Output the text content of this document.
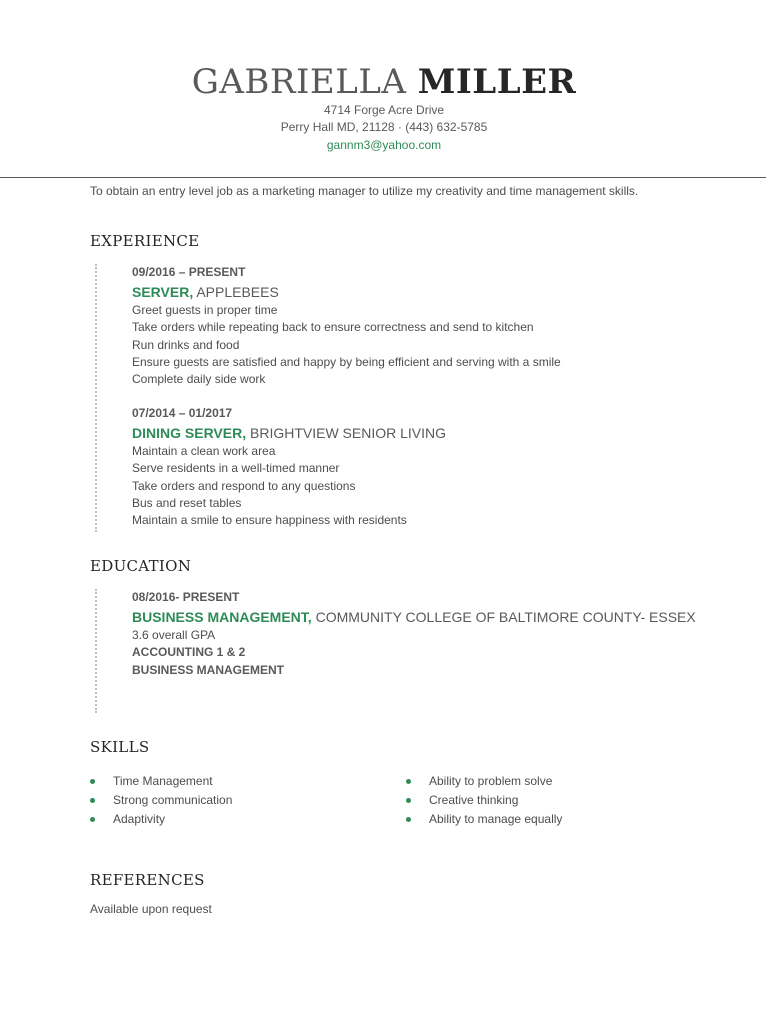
GABRIELLA MILLER
4714 Forge Acre Drive
Perry Hall MD, 21128 · (443) 632-5785
gannm3@yahoo.com
To obtain an entry level job as a marketing manager to utilize my creativity and time management skills.
EXPERIENCE
09/2016 – PRESENT
SERVER, APPLEBEES
Greet guests in proper time
Take orders while repeating back to ensure correctness and send to kitchen
Run drinks and food
Ensure guests are satisfied and happy by being efficient and serving with a smile
Complete daily side work
07/2014 – 01/2017
DINING SERVER, BRIGHTVIEW SENIOR LIVING
Maintain a clean work area
Serve residents in a well-timed manner
Take orders and respond to any questions
Bus and reset tables
Maintain a smile to ensure happiness with residents
EDUCATION
08/2016- PRESENT
BUSINESS MANAGEMENT, COMMUNITY COLLEGE OF BALTIMORE COUNTY- ESSEX
3.6 overall GPA
ACCOUNTING 1 & 2
BUSINESS MANAGEMENT
SKILLS
Time Management
Strong communication
Adaptivity
Ability to problem solve
Creative thinking
Ability to manage equally
REFERENCES
Available upon request
